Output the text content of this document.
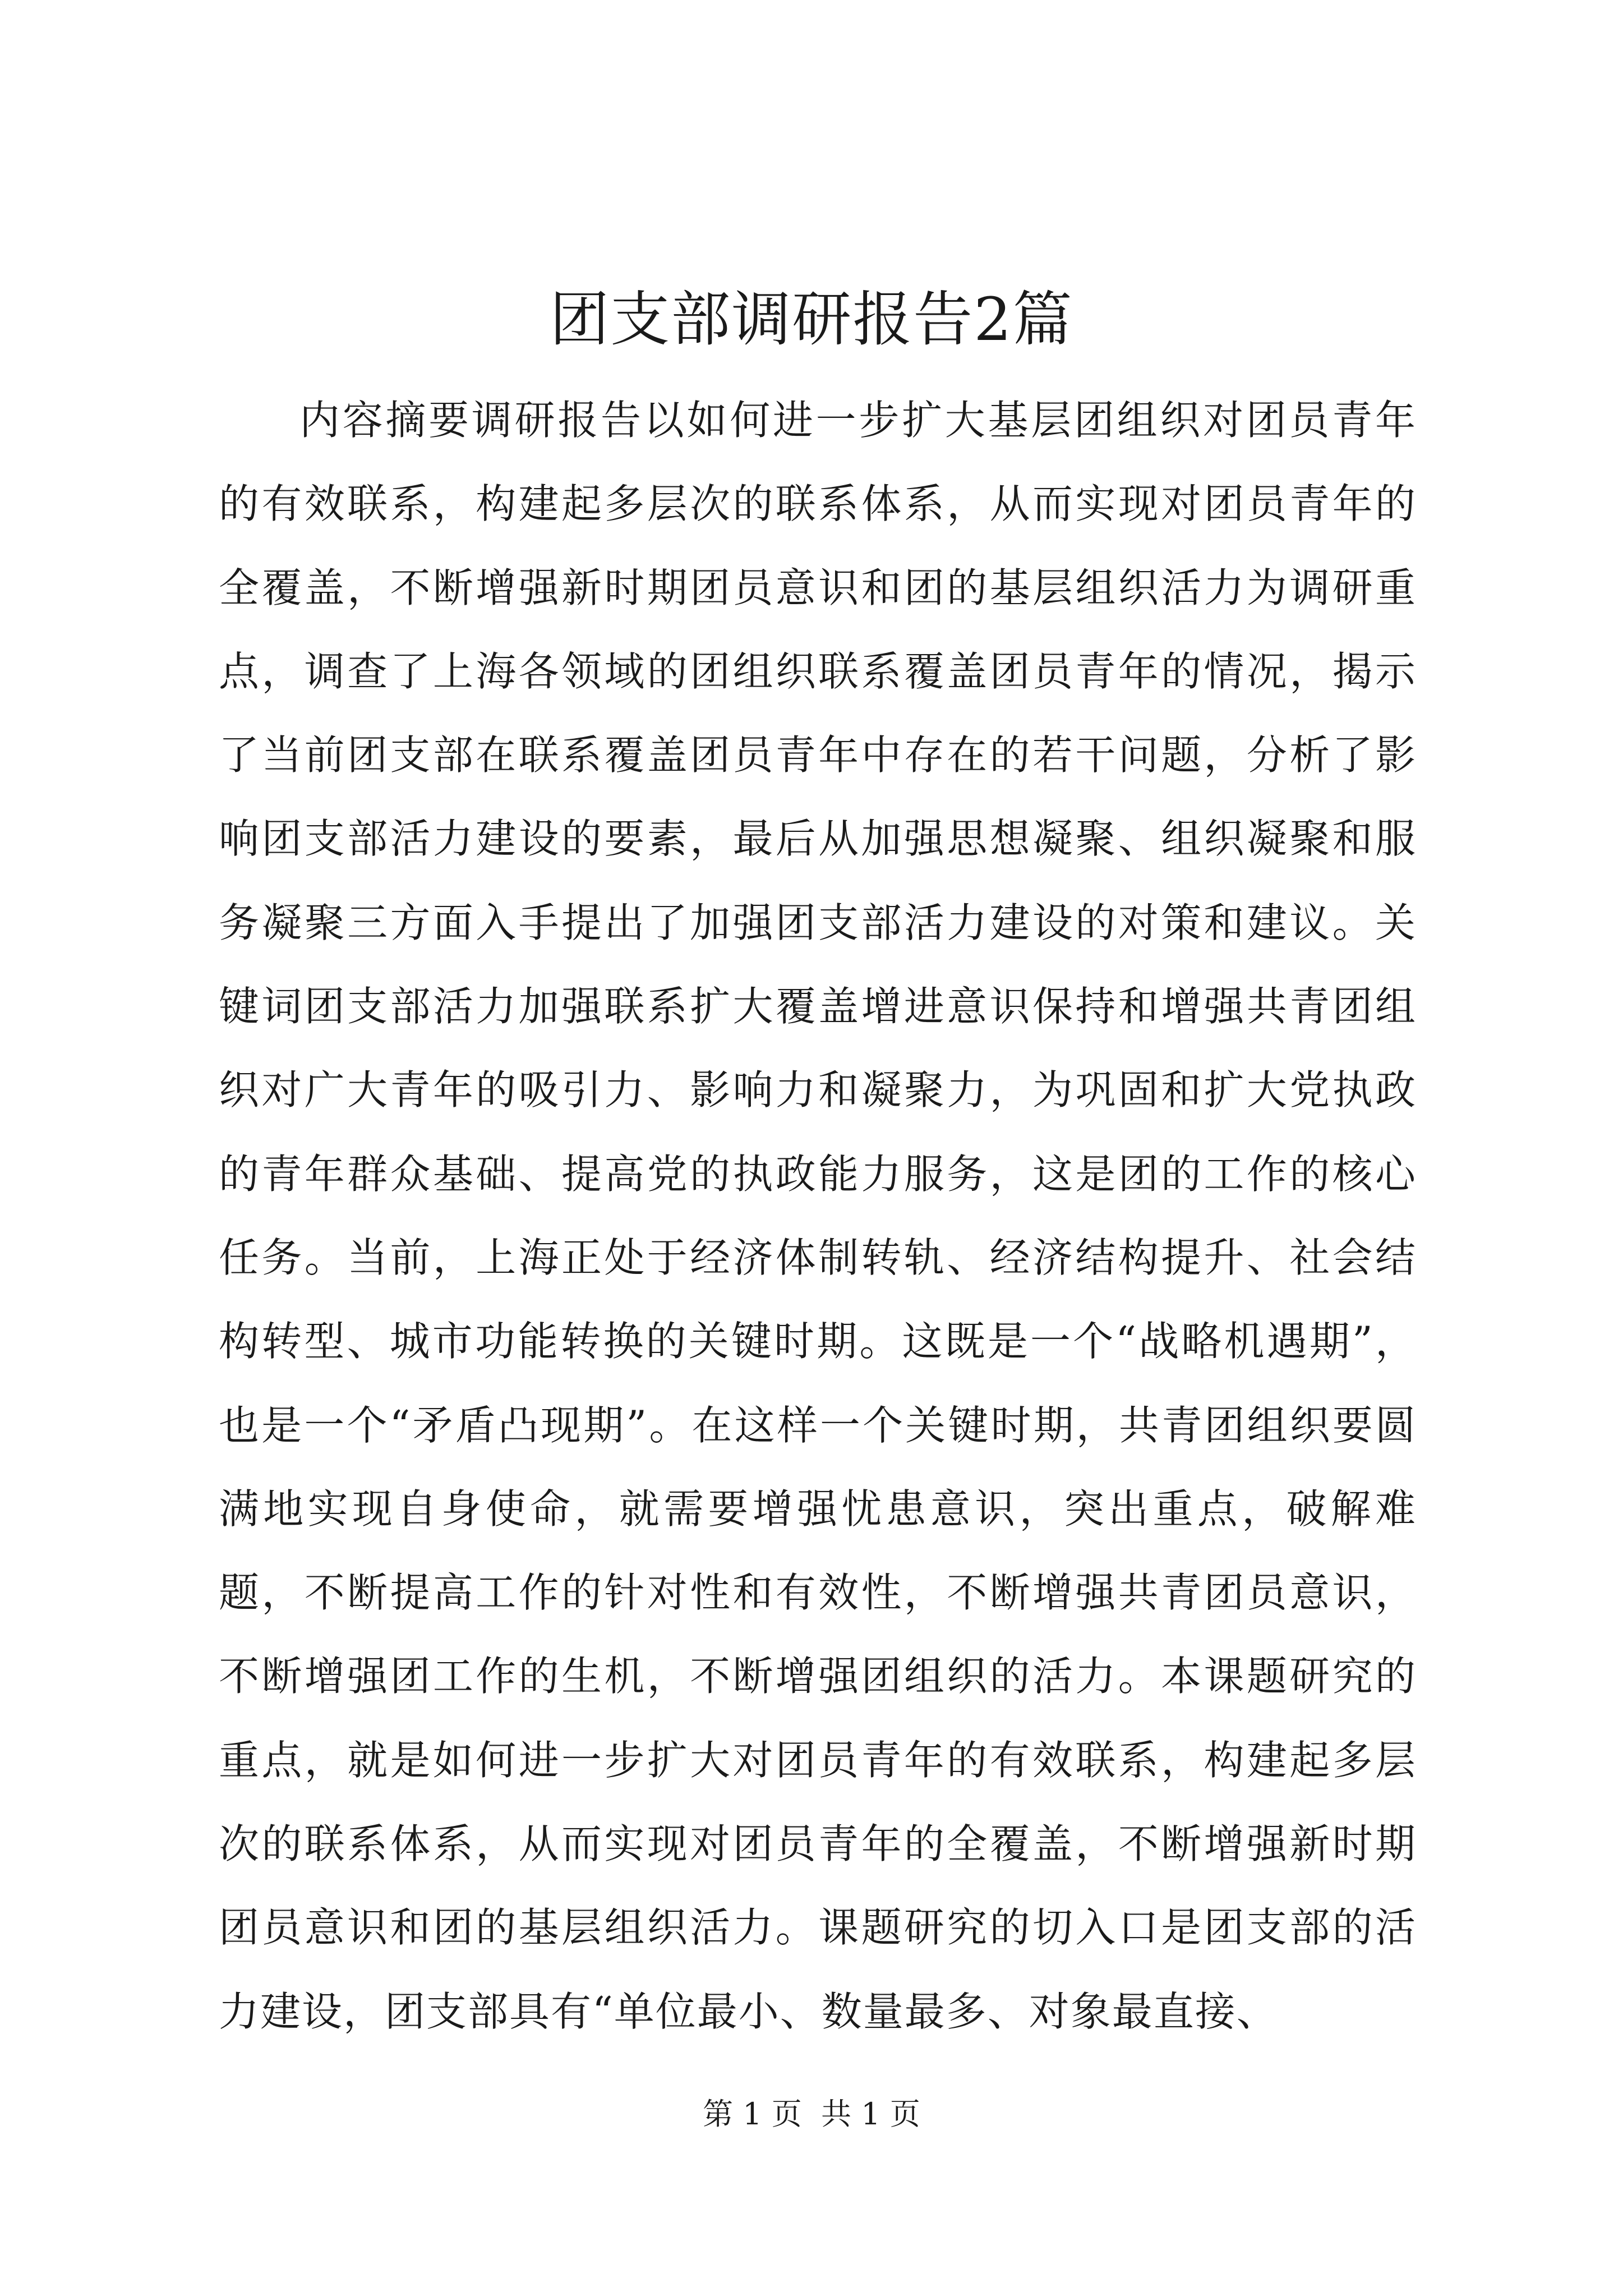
团支部调研报告2篇

内容摘要调研报告以如何进一步扩大基层团组织对团员青年的有效联系，构建起多层次的联系体系，从而实现对团员青年的全覆盖，不断增强新时期团员意识和团的基层组织活力为调研重点，调查了上海各领域的团组织联系覆盖团员青年的情况，揭示了当前团支部在联系覆盖团员青年中存在的若干问题，分析了影响团支部活力建设的要素，最后从加强思想凝聚、组织凝聚和服务凝聚三方面入手提出了加强团支部活力建设的对策和建议。关键词团支部活力加强联系扩大覆盖增进意识保持和增强共青团组织对广大青年的吸引力、影响力和凝聚力，为巩固和扩大党执政的青年群众基础、提高党的执政能力服务，这是团的工作的核心任务。当前，上海正处于经济体制转轨、经济结构提升、社会结构转型、城市功能转换的关键时期。这既是一个“战略机遇期”，也是一个“矛盾凸现期”。在这样一个关键时期，共青团组织要圆满地实现自身使命，就需要增强忧患意识，突出重点，破解难题，不断提高工作的针对性和有效性，不断增强共青团员意识，不断增强团工作的生机，不断增强团组织的活力。本课题研究的重点，就是如何进一步扩大对团员青年的有效联系，构建起多层次的联系体系，从而实现对团员青年的全覆盖，不断增强新时期团员意识和团的基层组织活力。课题研究的切入口是团支部的活力建设，团支部具有“单位最小、数量最多、对象最直接、

第 1 页  共 1 页
